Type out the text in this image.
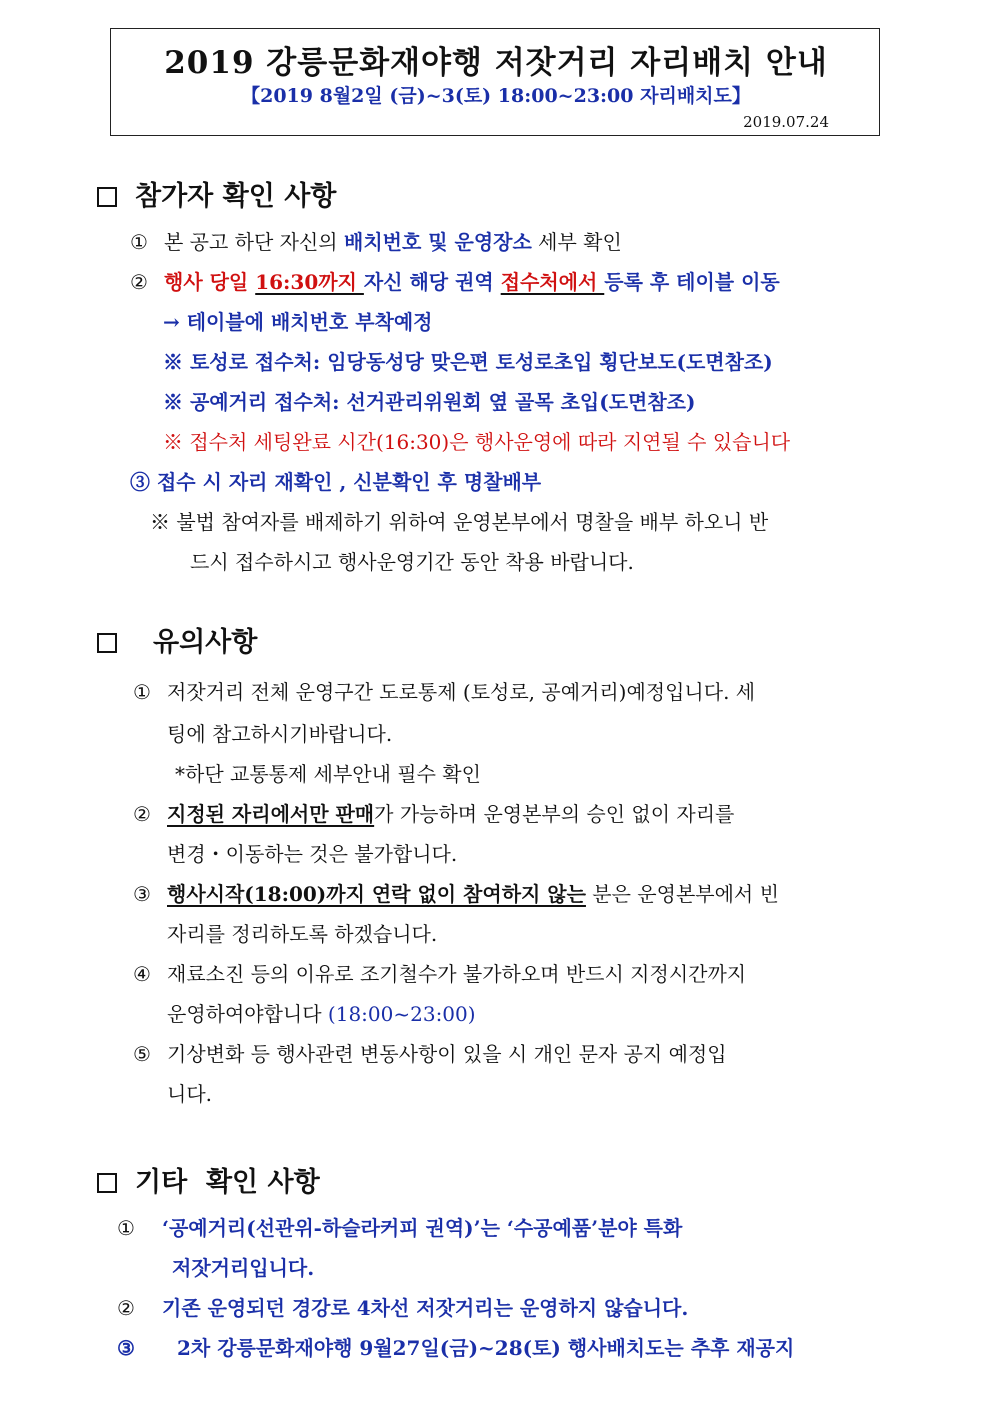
2019 강릉문화재야행 저잣거리 자리배치 안내
【2019 8월2일 (금)~3(토) 18:00~23:00 자리배치도】
2019.07.24
참가자 확인 사항
① 본 공고 하단 자신의 배치번호 및 운영장소 세부 확인
② 행사 당일 16:30까지 자신 해당 권역 접수처에서 등록 후 테이블 이동
→ 테이블에 배치번호 부착예정
※ 토성로 접수처: 임당동성당 맞은편 토성로초입 횡단보도(도면참조)
※ 공예거리 접수처: 선거관리위원회 옆 골목 초입(도면참조)
※ 접수처 세팅완료 시간(16:30)은 행사운영에 따라 지연될 수 있습니다
③ 접수 시 자리 재확인 , 신분확인 후 명찰배부
※ 불법 참여자를 배제하기 위하여 운영본부에서 명찰을 배부 하오니 반
드시 접수하시고 행사운영기간 동안 착용 바랍니다.
유의사항
① 저잣거리 전체 운영구간 도로통제 (토성로, 공예거리)예정입니다. 세
팅에 참고하시기바랍니다.
*하단 교통통제 세부안내 필수 확인
② 지정된 자리에서만 판매가 가능하며 운영본부의 승인 없이 자리를
변경・이동하는 것은 불가합니다.
③ 행사시작(18:00)까지 연락 없이 참여하지 않는 분은 운영본부에서 빈
자리를 정리하도록 하겠습니다.
④ 재료소진 등의 이유로 조기철수가 불가하오며 반드시 지정시간까지
운영하여야합니다 (18:00~23:00)
⑤ 기상변화 등 행사관련 변동사항이 있을 시 개인 문자 공지 예정입
니다.
기타  확인 사항
① ‘공예거리(선관위-하슬라커피 권역)’는 ‘수공예품’분야 특화
저잣거리입니다.
② 기존 운영되던 경강로 4차선 저잣거리는 운영하지 않습니다.
③ 2차 강릉문화재야행 9월27일(금)~28(토) 행사배치도는 추후 재공지
